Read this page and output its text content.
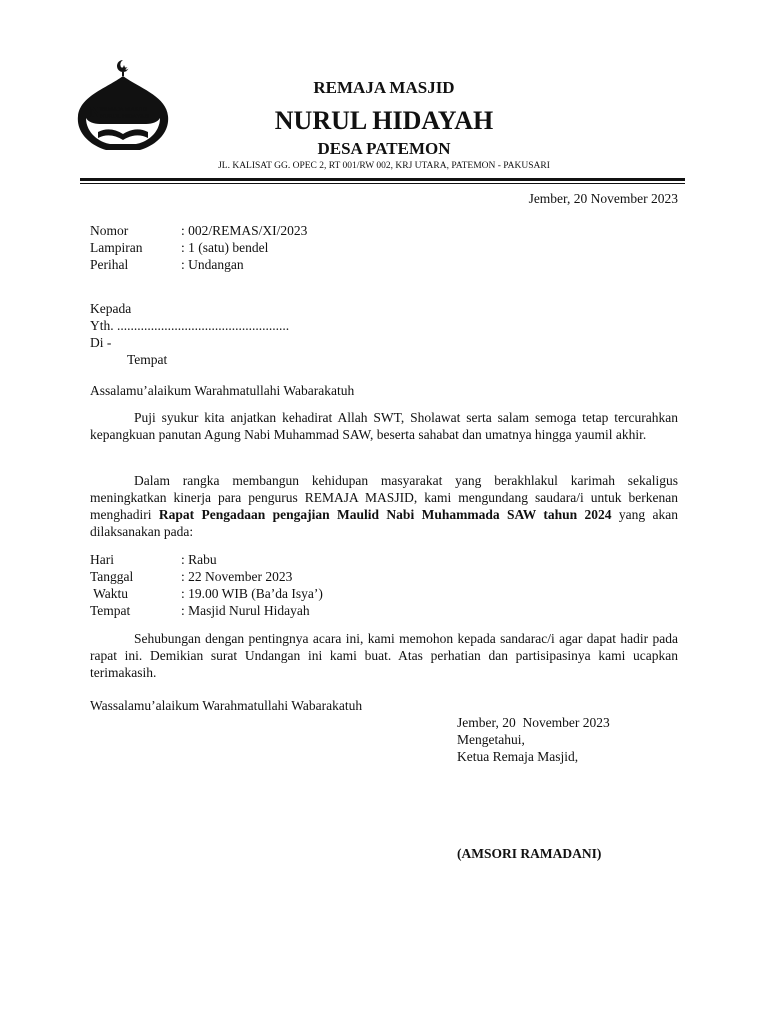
N REMAJA MASJID
NURUL HIDAYAH
REMAJA MASJID
NURUL HIDAYAH
DESA PATEMON
JL. KALISAT GG. OPEC 2, RT 001/RW 002, KRJ UTARA, PATEMON - PAKUSARI
Jember, 20 November 2023
Nomor	: 002/REMAS/XI/2023
Lampiran	: 1 (satu) bendel
Perihal	: Undangan
Kepada
Yth. ...................................................
Di -
Tempat
Assalamu’alaikum Warahmatullahi Wabarakatuh
Puji syukur kita anjatkan kehadirat Allah SWT, Sholawat serta salam semoga tetap tercurahkan kepangkuan panutan Agung Nabi Muhammad SAW, beserta sahabat dan umatnya hingga yaumil akhir.
Dalam rangka membangun kehidupan masyarakat yang berakhlakul karimah sekaligus meningkatkan kinerja para pengurus REMAJA MASJID, kami mengundang saudara/i untuk berkenan menghadiri Rapat Pengadaan pengajian Maulid Nabi Muhammada SAW tahun 2024 yang akan dilaksanakan pada:
Hari	: Rabu
Tanggal	: 22 November 2023
Waktu	: 19.00 WIB (Ba’da Isya’)
Tempat	: Masjid Nurul Hidayah
Sehubungan dengan pentingnya acara ini, kami memohon kepada sandarac/i agar dapat hadir pada rapat ini. Demikian surat Undangan ini kami buat. Atas perhatian dan partisipasinya kami ucapkan terimakasih.
Wassalamu’alaikum Warahmatullahi Wabarakatuh
Jember, 20  November 2023
Mengetahui,
Ketua Remaja Masjid,
(AMSORI RAMADANI)
